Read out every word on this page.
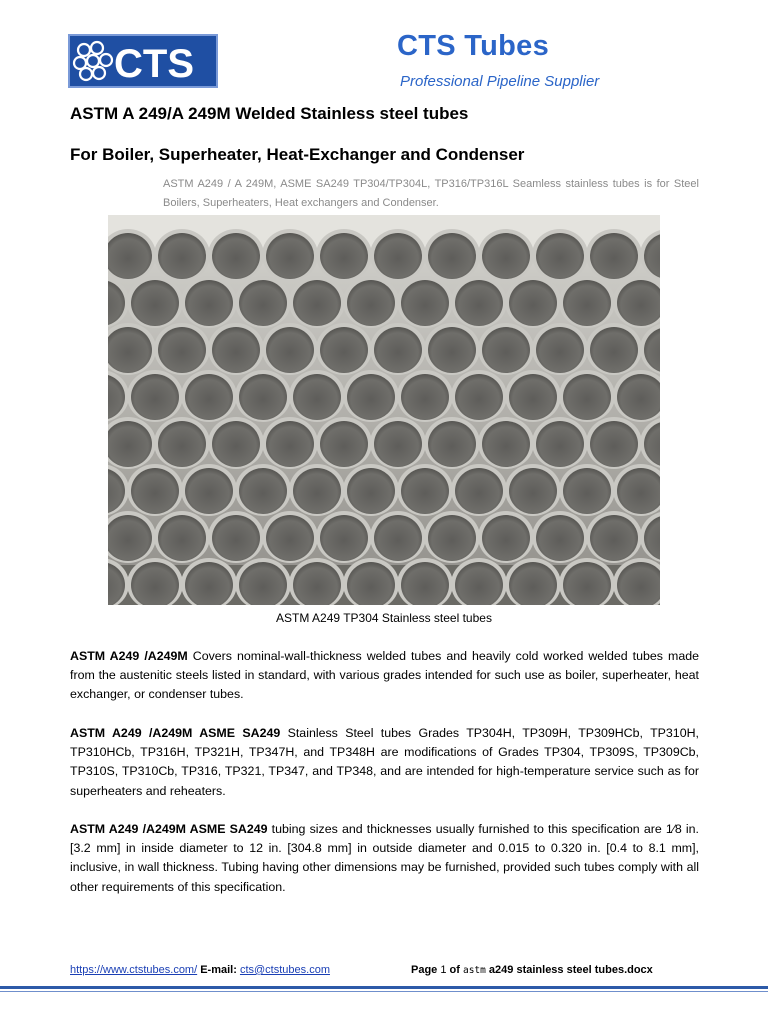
CTS	CTS Tubes
Professional Pipeline Supplier
ASTM A 249/A 249M Welded Stainless steel tubes
For Boiler, Superheater, Heat-Exchanger and Condenser
ASTM A249 / A 249M, ASME SA249 TP304/TP304L, TP316/TP316L Seamless stainless tubes is for Steel Boilers, Superheaters, Heat exchangers and Condenser.
ASTM A249 TP304 Stainless steel tubes
ASTM A249 /A249M Covers nominal-wall-thickness welded tubes and heavily cold worked welded tubes made from the austenitic steels listed in standard, with various grades intended for such use as boiler, superheater, heat exchanger, or condenser tubes.
ASTM A249 /A249M ASME SA249 Stainless Steel tubes Grades TP304H, TP309H, TP309HCb, TP310H, TP310HCb, TP316H, TP321H, TP347H, and TP348H are modifications of Grades TP304, TP309S, TP309Cb, TP310S, TP310Cb, TP316, TP321, TP347, and TP348, and are intended for high-temperature service such as for superheaters and reheaters.
ASTM A249 /A249M ASME SA249 tubing sizes and thicknesses usually furnished to this specification are 1⁄8 in. [3.2 mm] in inside diameter to 12 in. [304.8 mm] in outside diameter and 0.015 to 0.320 in. [0.4 to 8.1 mm], inclusive, in wall thickness. Tubing having other dimensions may be furnished, provided such tubes comply with all other requirements of this specification.
https://www.ctstubes.com/ E-mail: cts@ctstubes.com	Page 1 of astm a249 stainless steel tubes.docx
